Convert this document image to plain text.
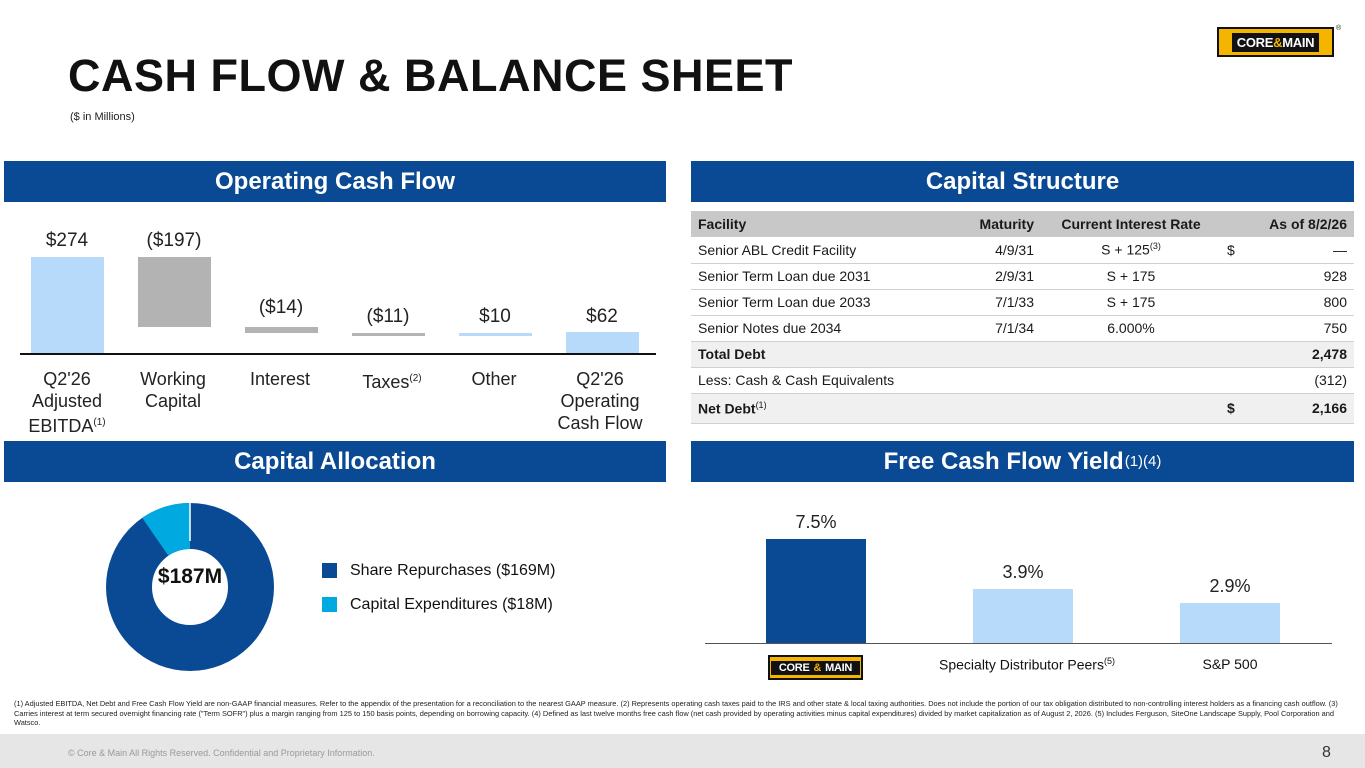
CORE&MAIN
®
CASH FLOW & BALANCE SHEET
($ in Millions)
Operating Cash Flow	Capital Structure
Capital Allocation	Free Cash Flow Yield (1)(4)
$274	($197)
($14)	($11)	$10	$62
Q2'26 Adjusted EBITDA$^{(1)}$
Working Capital
Interest	Taxes$^{(2)}$	Other	Q2'26 Operating Cash Flow
Facility	Maturity	Current Interest Rate	As of 8/2/26	
Senior ABL Credit Facility	4/9/31	$S + 125^{(3)}$	$	—
Senior Term Loan due 2031	2/9/31	S + 175		928
Senior Term Loan due 2033	7/1/33	S + 175		800
Senior Notes due 2034	7/1/34	6.000%		750
Total Debt				2,478
Less: Cash & Cash Equivalents				(312)
Net Debt$^{(1)}$			$	2,166
$187M	Share Repurchases ($169M)
Capital Expenditures ($18M)
7.5%
3.9%
2.9%
CORE & MAIN	Specialty Distributor Peers$^{(5)}$	S&P 500
(1) Adjusted EBITDA, Net Debt and Free Cash Flow Yield are non-GAAP financial measures. Refer to the appendix of the presentation for a reconciliation to the nearest GAAP measure. (2) Represents operating cash taxes paid to the IRS and other state & local taxing authorities. Does not include the portion of our tax obligation distributed to non-controlling interest holders as a financing cash outflow. (3) Carries interest at term secured overnight financing rate ("Term SOFR") plus a margin ranging from 125 to 150 basis points, depending on borrowing capacity. (4) Defined as last twelve months free cash flow (net cash provided by operating activities minus capital expenditures) divided by market capitalization as of August 2, 2026. (5) Includes Ferguson, SiteOne Landscape Supply, Pool Corporation and Watsco.
© Core & Main All Rights Reserved. Confidential and Proprietary Information.	8
